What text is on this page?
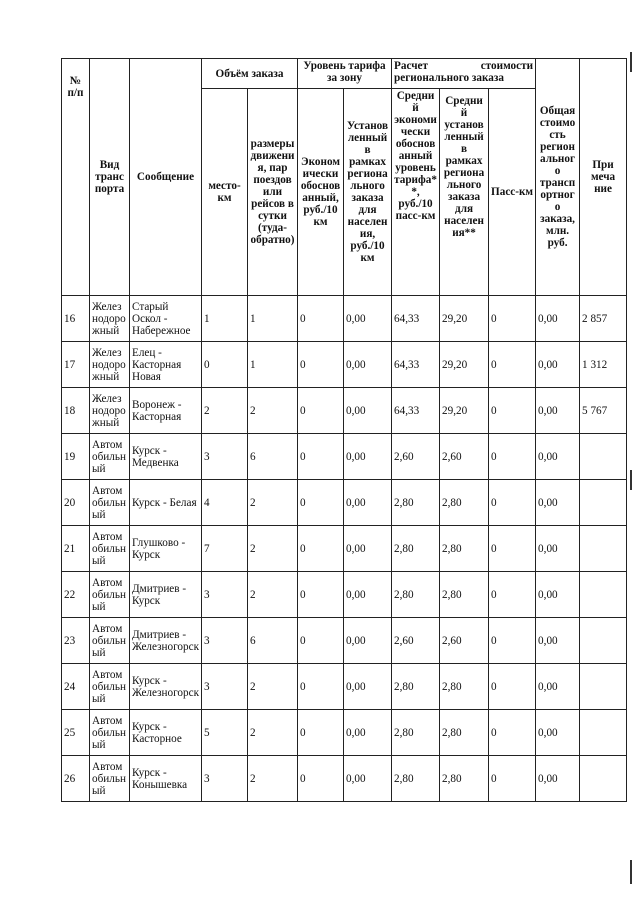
№ п/п	Вид транс порта	Сообщение	Объём заказа		Уровень тарифа за зону		Расчет стоимости регионального заказа			Общая стоимость регионального транспортного заказа, млн. руб.	При меча ние
			место-км	размеры движения, пар поездов или рейсов в сутки (туда-обратно)	Экономически обоснованный, руб./10 км	Установленный в рамках регионального заказа для населения, руб./10 км	Средний экономически обоснованный уровень тарифа**, руб./10 пасс-км	Средний установленный в рамках регионального заказа для населения**	Пасс-км		
16	Железнодорожный	Старый Оскол - Набережное	1	1	0	0,00	64,33	29,20	0	0,00	2 857
17	Железнодорожный	Елец - Касторная Новая	0	1	0	0,00	64,33	29,20	0	0,00	1 312
18	Железнодорожный	Воронеж - Касторная	2	2	0	0,00	64,33	29,20	0	0,00	5 767
19	Автомобильный	Курск - Медвенка	3	6	0	0,00	2,60	2,60	0	0,00	
20	Автомобильный	Курск - Белая	4	2	0	0,00	2,80	2,80	0	0,00	
21	Автомобильный	Глушково - Курск	7	2	0	0,00	2,80	2,80	0	0,00	
22	Автомобильный	Дмитриев - Курск	3	2	0	0,00	2,80	2,80	0	0,00	
23	Автомобильный	Дмитриев - Железногорск	3	6	0	0,00	2,60	2,60	0	0,00	
24	Автомобильный	Курск - Железногорск	3	2	0	0,00	2,80	2,80	0	0,00	
25	Автомобильный	Курск - Касторное	5	2	0	0,00	2,80	2,80	0	0,00	
26	Автомобильный	Курск - Конышевка	3	2	0	0,00	2,80	2,80	0	0,00	
